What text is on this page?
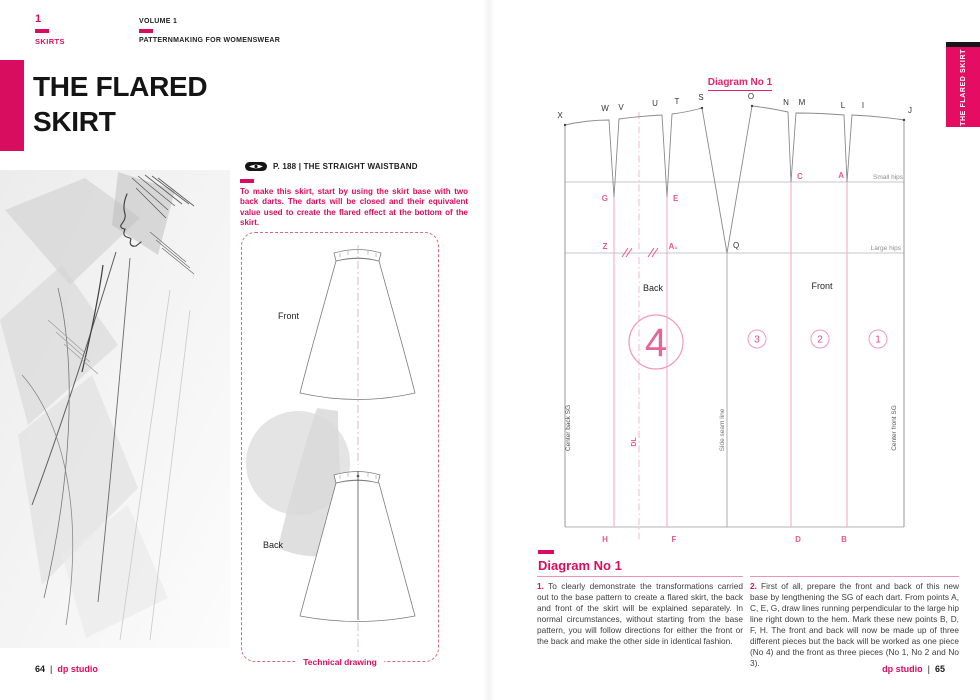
1
SKIRTS
VOLUME 1
PATTERNMAKING FOR WOMENSWEAR
THE FLARED
SKIRT
P. 188 | THE STRAIGHT WAISTBAND

To make this skirt, start by using the skirt base with two back darts. The darts will be closed and their equivalent value used to create the flared effect at the bottom of the skirt.

Front
Back
Technical drawing
64 | dp studio
Diagram No 1
X
W V	U T S	O
N M	L I
J
Q
G	E
C	A
Z	A₁
H	F	D	B
Small hips
Large hips
Center back SG	Center front SG
Side seam line
DL
Back	Front
4	3	2	1
Diagram No 1

1. To clearly demonstrate the transformations carried out to the base pattern to create a flared skirt, the back and front of the skirt will be explained separately. In normal circumstances, without starting from the base pattern, you will follow directions for either the front or the back and make the other side in identical fashion.

2. First of all, prepare the front and back of this new base by lengthening the SG of each dart. From points A, C, E, G, draw lines running perpendicular to the large hip line right down to the hem. Mark these new points B, D, F, H. The front and back will now be made up of three different pieces but the back will be worked as one piece (No 4) and the front as three pieces (No 1, No 2 and No 3).

dp studio | 65
THE FLARED SKIRT
